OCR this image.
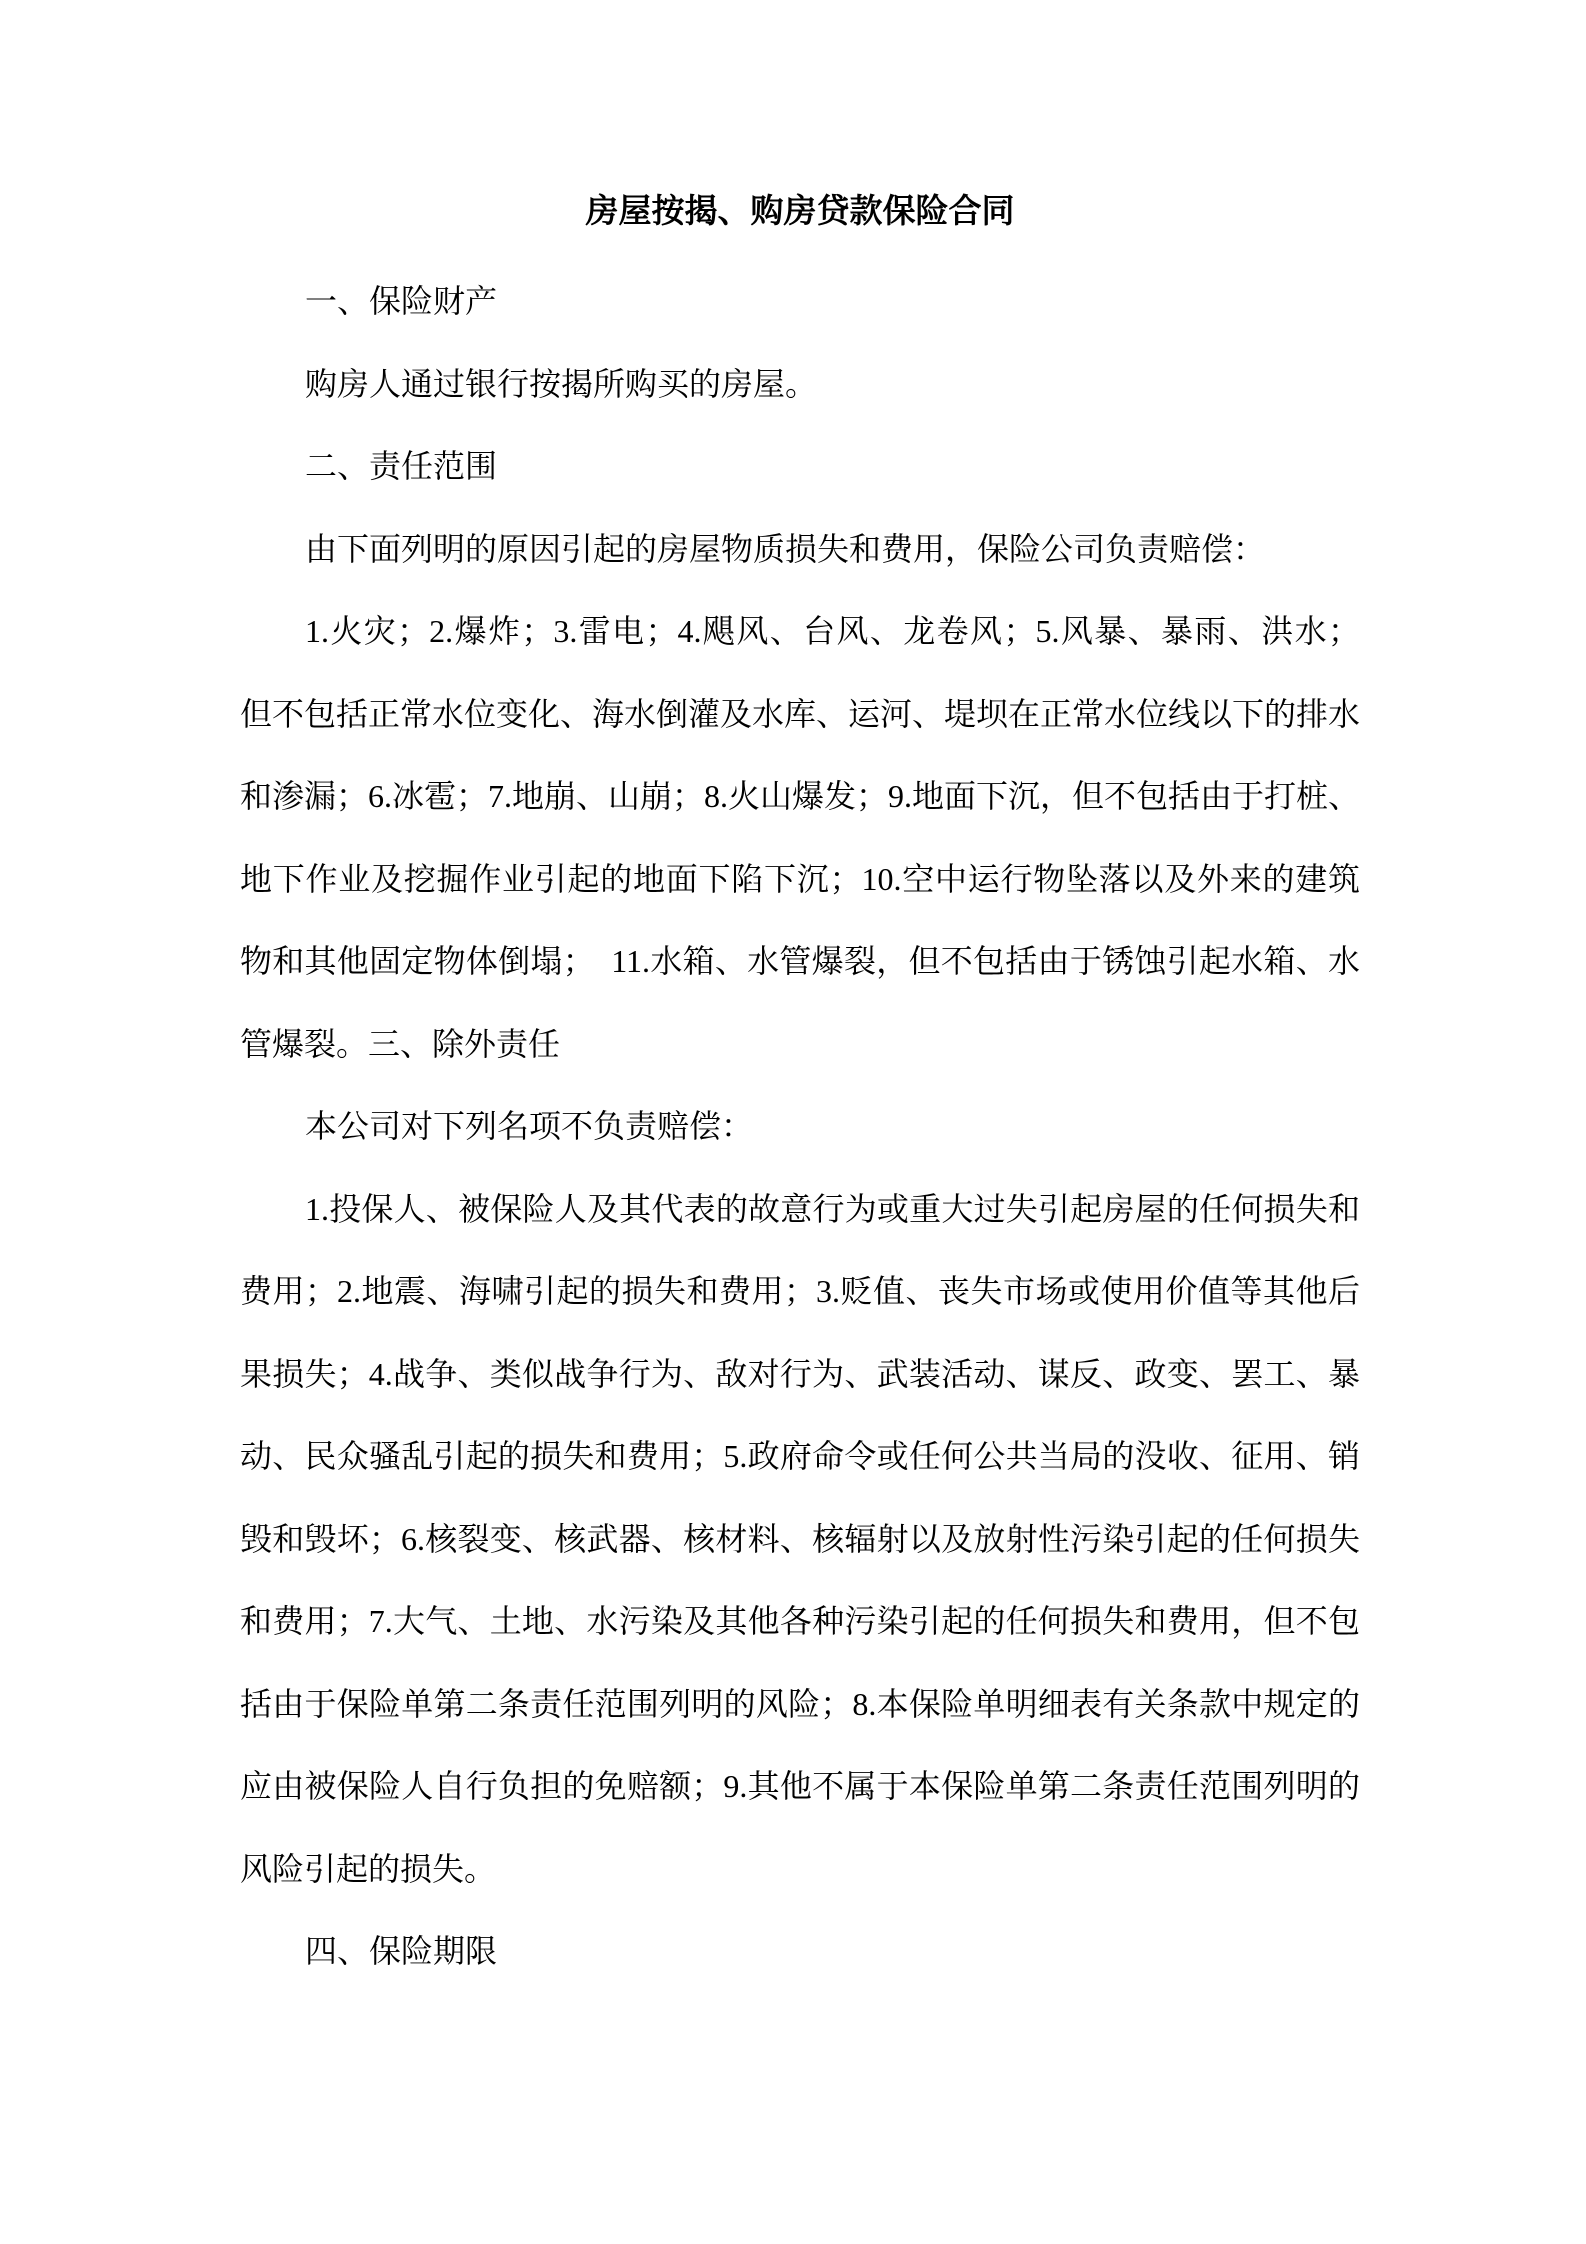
房屋按揭、购房贷款保险合同
一、保险财产
购房人通过银行按揭所购买的房屋。
二、责任范围
由下面列明的原因引起的房屋物质损失和费用，保险公司负责赔偿：
1.火灾；2.爆炸；3.雷电；4.飓风、台风、龙卷风；5.风暴、暴雨、洪水；
但不包括正常水位变化、海水倒灌及水库、运河、堤坝在正常水位线以下的排水
和渗漏；6.冰雹；7.地崩、山崩；8.火山爆发；9.地面下沉，但不包括由于打桩、
地下作业及挖掘作业引起的地面下陷下沉；10.空中运行物坠落以及外来的建筑
物和其他固定物体倒塌；　11.水箱、水管爆裂，但不包括由于锈蚀引起水箱、水
管爆裂。三、除外责任
本公司对下列名项不负责赔偿：
1.投保人、被保险人及其代表的故意行为或重大过失引起房屋的任何损失和
费用；2.地震、海啸引起的损失和费用；3.贬值、丧失市场或使用价值等其他后
果损失；4.战争、类似战争行为、敌对行为、武装活动、谋反、政变、罢工、暴
动、民众骚乱引起的损失和费用；5.政府命令或任何公共当局的没收、征用、销
毁和毁坏；6.核裂变、核武器、核材料、核辐射以及放射性污染引起的任何损失
和费用；7.大气、土地、水污染及其他各种污染引起的任何损失和费用，但不包
括由于保险单第二条责任范围列明的风险；8.本保险单明细表有关条款中规定的
应由被保险人自行负担的免赔额；9.其他不属于本保险单第二条责任范围列明的
风险引起的损失。
四、保险期限
